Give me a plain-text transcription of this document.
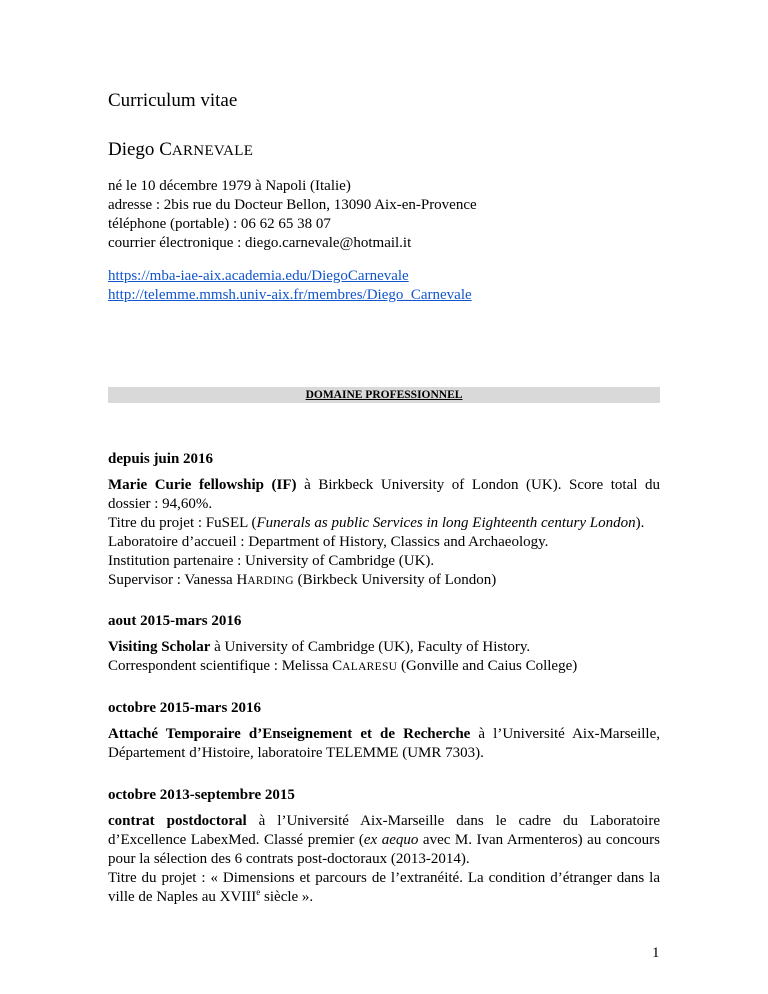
Curriculum vitae
Diego CARNEVALE
né le 10 décembre 1979 à Napoli (Italie)
adresse : 2bis rue du Docteur Bellon, 13090 Aix-en-Provence
téléphone (portable) : 06 62 65 38 07
courrier électronique : diego.carnevale@hotmail.it
https://mba-iae-aix.academia.edu/DiegoCarnevale
http://telemme.mmsh.univ-aix.fr/membres/Diego_Carnevale
DOMAINE PROFESSIONNEL
depuis juin 2016

Marie Curie fellowship (IF) à Birkbeck University of London (UK). Score total du dossier : 94,60%.

Titre du projet : FuSEL (Funerals as public Services in long Eighteenth century London).

Laboratoire d’accueil : Department of History, Classics and Archaeology.

Institution partenaire : University of Cambridge (UK).

Supervisor : Vanessa HARDING (Birkbeck University of London)

aout 2015-mars 2016

Visiting Scholar à University of Cambridge (UK), Faculty of History.

Correspondent scientifique : Melissa CALARESU (Gonville and Caius College)

octobre 2015-mars 2016

Attaché Temporaire d’Enseignement et de Recherche à l’Université Aix-Marseille, Département d’Histoire, laboratoire TELEMME (UMR 7303).

octobre 2013-septembre 2015

contrat postdoctoral à l’Université Aix-Marseille dans le cadre du Laboratoire d’Excellence LabexMed. Classé premier (ex aequo avec M. Ivan Armenteros) au concours pour la sélection des 6 contrats post-doctoraux (2013-2014).

Titre du projet : « Dimensions et parcours de l’extranéité. La condition d’étranger dans la ville de Naples au XVIIIe siècle ».

1
